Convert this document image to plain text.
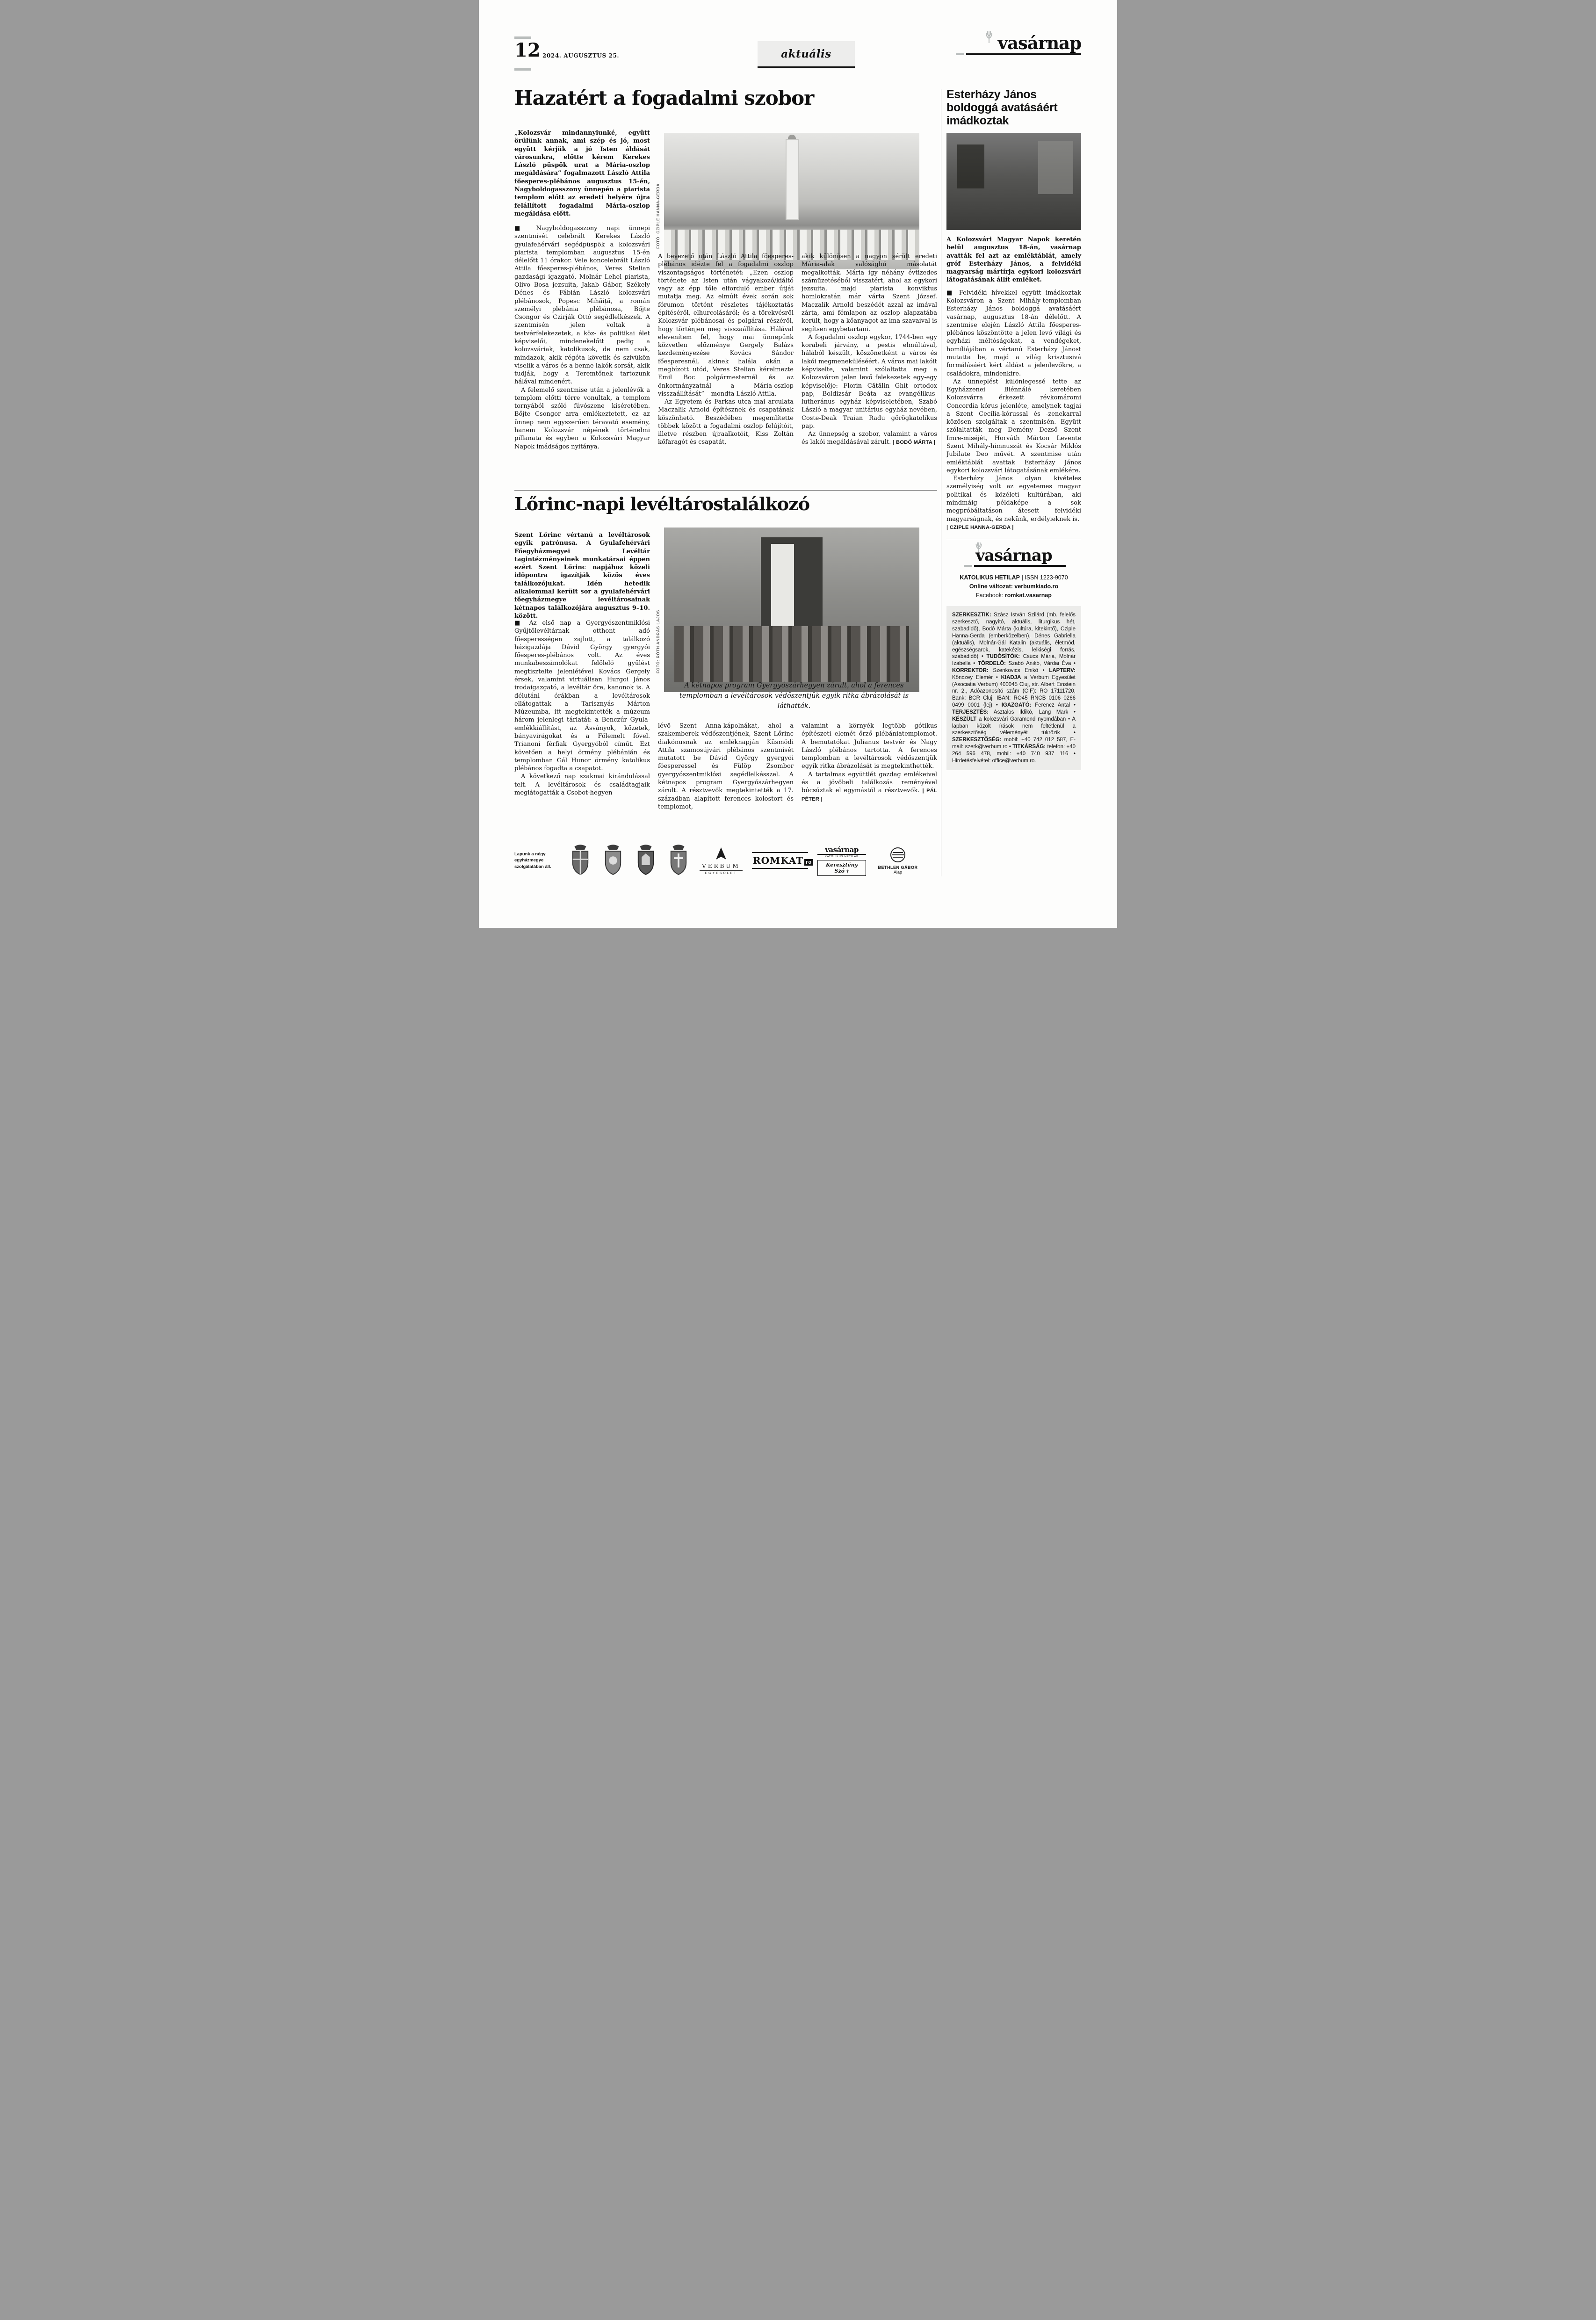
12 2024. AUGUSZTUS 25.	aktuális
vasárnap
Hazatért a fogadalmi szobor
„Kolozsvár mindannyiunké, együtt örülünk annak, ami szép és jó, most együtt kérjük a jó Isten áldását városunkra, előtte kérem Kerekes László püspök urat a Mária-oszlop megáldására” fogalmazott László Attila főesperes-plébános augusztus 15-én, Nagyboldogasszony ünnepén a piarista templom előtt az eredeti helyére újra felállított fogadalmi Mária-oszlop megáldása előtt.	FOTÓ: CZIPLE HANNA-GERDA

■ Nagyboldogasszony napi ünnepi szentmisét celebrált Kerekes László gyulafehérvári segédpüspök a kolozsvári piarista templomban augusztus 15-én délelőtt 11 órakor. Vele koncelebrált László Attila főesperes-plébános, Veres Stelian gazdasági igazgató, Molnár Lehel piarista, Olivo Bosa jezsuita, Jakab Gábor, Székely Dénes és Fábián László kolozsvári plébánosok, Popesc Mihăiță, a román személyi plébánia plébánosa, Bőjte Csongor és Czirják Ottó segédlelkészek. A szentmisén jelen voltak a testvérfelekezetek, a köz- és politikai élet képviselői, mindenekelőtt pedig a kolozsváriak, katolikusok, de nem csak, mindazok, akik régóta követik és szívükön viselik a város és a benne lakók sorsát, akik tudják, hogy a Teremtőnek tartozunk hálával mindenért.

A felemelő szentmise után a jelenlévők a templom előtti térre vonultak, a templom tornyából szóló fúvószene kíséretében. Bőjte Csongor arra emlékeztetett, ez az ünnep nem egyszerűen téravató esemény, hanem Kolozsvár népének történelmi pillanata és egyben a Kolozsvári Magyar Napok imádságos nyitánya.

A bevezető után László Attila főesperes-plébános idézte fel a fogadalmi oszlop viszontagságos történetét: „Ezen oszlop története az Isten után vágyakozó/kiáltó vagy az épp tőle elforduló ember útját mutatja meg. Az elmúlt évek során sok fórumon történt részletes tájékoztatás építéséről, elhurcolásáról; és a törekvésről Kolozsvár plébánosai és polgárai részéről, hogy történjen meg visszaállítása. Hálával elevenítem fel, hogy mai ünnepünk közvetlen előzménye Gergely Balázs kezdeményezése Kovács Sándor főesperesnél, akinek halála okán a megbízott utód, Veres Stelian kérelmezte Emil Boc polgármesternél és az önkormányzatnál a Mária-oszlop visszaállítását” – mondta László Attila.

Az Egyetem és Farkas utca mai arculata Maczalik Arnold építésznek és csapatának köszönhető. Beszédében megemlítette többek között a fogadalmi oszlop felújítóit, illetve részben újraalkotóit, Kiss Zoltán kőfaragót és csapatát,

akik különösen a nagyon sérült eredeti Mária-alak valósághű másolatát megalkották. Mária így néhány évtizedes száműzetéséből visszatért, ahol az egykori jezsuita, majd piarista konviktus homlokzatán már várta Szent József. Maczalik Arnold beszédét azzal az imával zárta, ami fémlapon az oszlop alapzatába került, hogy a kőanyagot az ima szavaival is segítsen egybetartani.

A fogadalmi oszlop egykor, 1744-ben egy korabeli járvány, a pestis elmúltával, hálából készült, köszönetként a város és lakói megmeneküléséért. A város mai lakóit képviselte, valamint szólaltatta meg a Kolozsváron jelen levő felekezetek egy-egy képviselője: Florin Cătălin Ghiț ortodox pap, Boldizsár Beáta az evangélikus-lutheránus egyház képviseletében, Szabó László a magyar unitárius egyház nevében, Coste-Deak Traian Radu görögkatolikus pap.

Az ünnepség a szobor, valamint a város és lakói megáldásával zárult. | BODÓ MÁRTA |

Lőrinc-napi levéltárostalálkozó
Szent Lőrinc vértanú a levéltárosok egyik patrónusa. A Gyulafehérvári Főegyházmegyei Levéltár tagintézményeinek munkatársai éppen ezért Szent Lőrinc napjához közeli időpontra igazítják közös éves találkozójukat. Idén hetedik alkalommal került sor a gyulafehérvári főegyházmegye levéltárosainak kétnapos találkozójára augusztus 9–10. között.	FOTÓ: RÓTH ANDRÁS LAJOS
A kétnapos program Gyergyószárhegyen zárult, ahol a ferences templomban a levéltárosok védőszentjük egyik ritka ábrázolását is láthatták.

■ Az első nap a Gyergyószentmiklósi Gyűjtőlevéltárnak otthont adó főesperességen zajlott, a találkozó házigazdája Dávid György gyergyói főesperes-plébános volt. Az éves munkabeszámolókat felölelő gyűlést megtisztelte jelenlétével Kovács Gergely érsek, valamint virtuálisan Hurgoi János irodaigazgató, a levéltár őre, kanonok is. A délutáni órákban a levéltárosok ellátogattak a Tarisznyás Márton Múzeumba, itt megtekintették a múzeum három jelenlegi tárlatát: a Benczúr Gyula-emlékkiállítást, az Ásványok, kőzetek, bányavirágokat és a Fölemelt fővel. Trianoni férfiak Gyergyóból címűt. Ezt követően a helyi örmény plébánián és templomban Gál Hunor örmény katolikus plébános fogadta a csapatot.

A következő nap szakmai kirándulással telt. A levéltárosok és családtagjaik meglátogatták a Csobot-hegyen

lévő Szent Anna-kápolnákat, ahol a szakemberek védőszentjének, Szent Lőrinc diakónusnak az emléknapján Küsmődi Attila szamosújvári plébános szentmisét mutatott be Dávid György gyergyói főesperessel és Fülöp Zsombor gyergyószentmiklósi segédlelkésszel. A kétnapos program Gyergyószárhegyen zárult. A résztvevők megtekintették a 17. században alapított ferences kolostort és templomot,

valamint a környék legtöbb gótikus építészeti elemét őrző plébániatemplomot. A bemutatókat Julianus testvér és Nagy László plébános tartotta. A ferences templomban a levéltárosok védőszentjük egyik ritka ábrázolását is megtekinthették.

A tartalmas együttlét gazdag emlékeivel és a jövőbeli találkozás reményével búcsúztak el egymástól a résztvevők. | PÁL PÉTER |

Esterházy János boldoggá avatásáért imádkoztak
A Kolozsvári Magyar Napok keretén belül augusztus 18-án, vasárnap avatták fel azt az emléktáblát, amely gróf Esterházy János, a felvidéki magyarság mártírja egykori kolozsvári látogatásának állít emléket.

■ Felvidéki hívekkel együtt imádkoztak Kolozsváron a Szent Mihály-templomban Esterházy János boldoggá avatásáért vasárnap, augusztus 18-án délelőtt. A szentmise elején László Attila főesperes-plébános köszöntötte a jelen levő világi és egyházi méltóságokat, a vendégeket, homíliájában a vértanú Esterházy Jánost mutatta be, majd a világ krisztusivá formálásáért kért áldást a jelenlevőkre, a családokra, mindenkire.

Az ünneplést különlegessé tette az Egyházzenei Biénnálé keretében Kolozsvárra érkezett révkomáromi Concordia kórus jelenléte, amelynek tagjai a Szent Cecília-kórussal és -zenekarral közösen szolgáltak a szentmisén. Együtt szólaltatták meg Demény Dezső Szent Imre-miséjét, Horváth Márton Levente Szent Mihály-himnuszát és Kocsár Miklós Jubilate Deo művét. A szentmise után emléktáblát avattak Esterházy János egykori kolozsvári látogatásának emlékére.

Esterházy János olyan kivételes személyiség volt az egyetemes magyar politikai és közéleti kultúrában, aki mindmáig példaképe a sok megpróbáltatáson átesett felvidéki magyarságnak, és nekünk, erdélyieknek is.
| CZIPLE HANNA-GERDA |

vasárnap
KATOLIKUS HETILAP | ISSN 1223-9070
Online változat: verbumkiado.ro
Facebook: romkat.vasarnap
SZERKESZTIK: Szász István Szilárd (mb. felelős szerkesztő, nagyító, aktuális, liturgikus hét, szabadidő), Bodó Márta (kultúra, kitekintő), Cziple Hanna-Gerda (emberközelben), Dénes Gabriella (aktuális), Molnár-Gál Katalin (aktuális, életmód, egészségsarok, katekézis, lelkiségi forrás, szabadidő) • TUDÓSÍTÓK: Csúcs Mária, Molnár Izabella • TÖRDELŐ: Szabó Anikó, Várdai Éva • KORREKTOR: Szenkovics Enikő • LAPTERV: Könczey Elemér • KIADJA a Verbum Egyesület (Asociația Verbum) 400045 Cluj, str. Albert Einstein nr. 2., Adóazonosító szám (CIF): RO 17111720, Bank: BCR Cluj, IBAN: RO45 RNCB 0106 0266 0499 0001 (lej) • IGAZGATÓ: Ferencz Antal • TERJESZTÉS: Asztalos Ildikó, Lang Mark • KÉSZÜLT a kolozsvári Garamond nyomdában • A lapban közölt írások nem feltétlenül a szerkesztőség véleményét tükrözik • SZERKESZTŐSÉG: mobil: +40 742 012 587, E-mail: szerk@verbum.ro • TITKÁRSÁG: telefon: +40 264 596 478, mobil: +40 740 937 116 • Hirdetésfelvétel: office@verbum.ro.
Lapunk a négy egyházmegye szolgálatában áll.	VERBUM
EGYESÜLET
ROMKAT ro
vasárnap
KATOLIKUS HETILAP
Keresztény Szó †
BETHLEN GÁBOR
Alap
